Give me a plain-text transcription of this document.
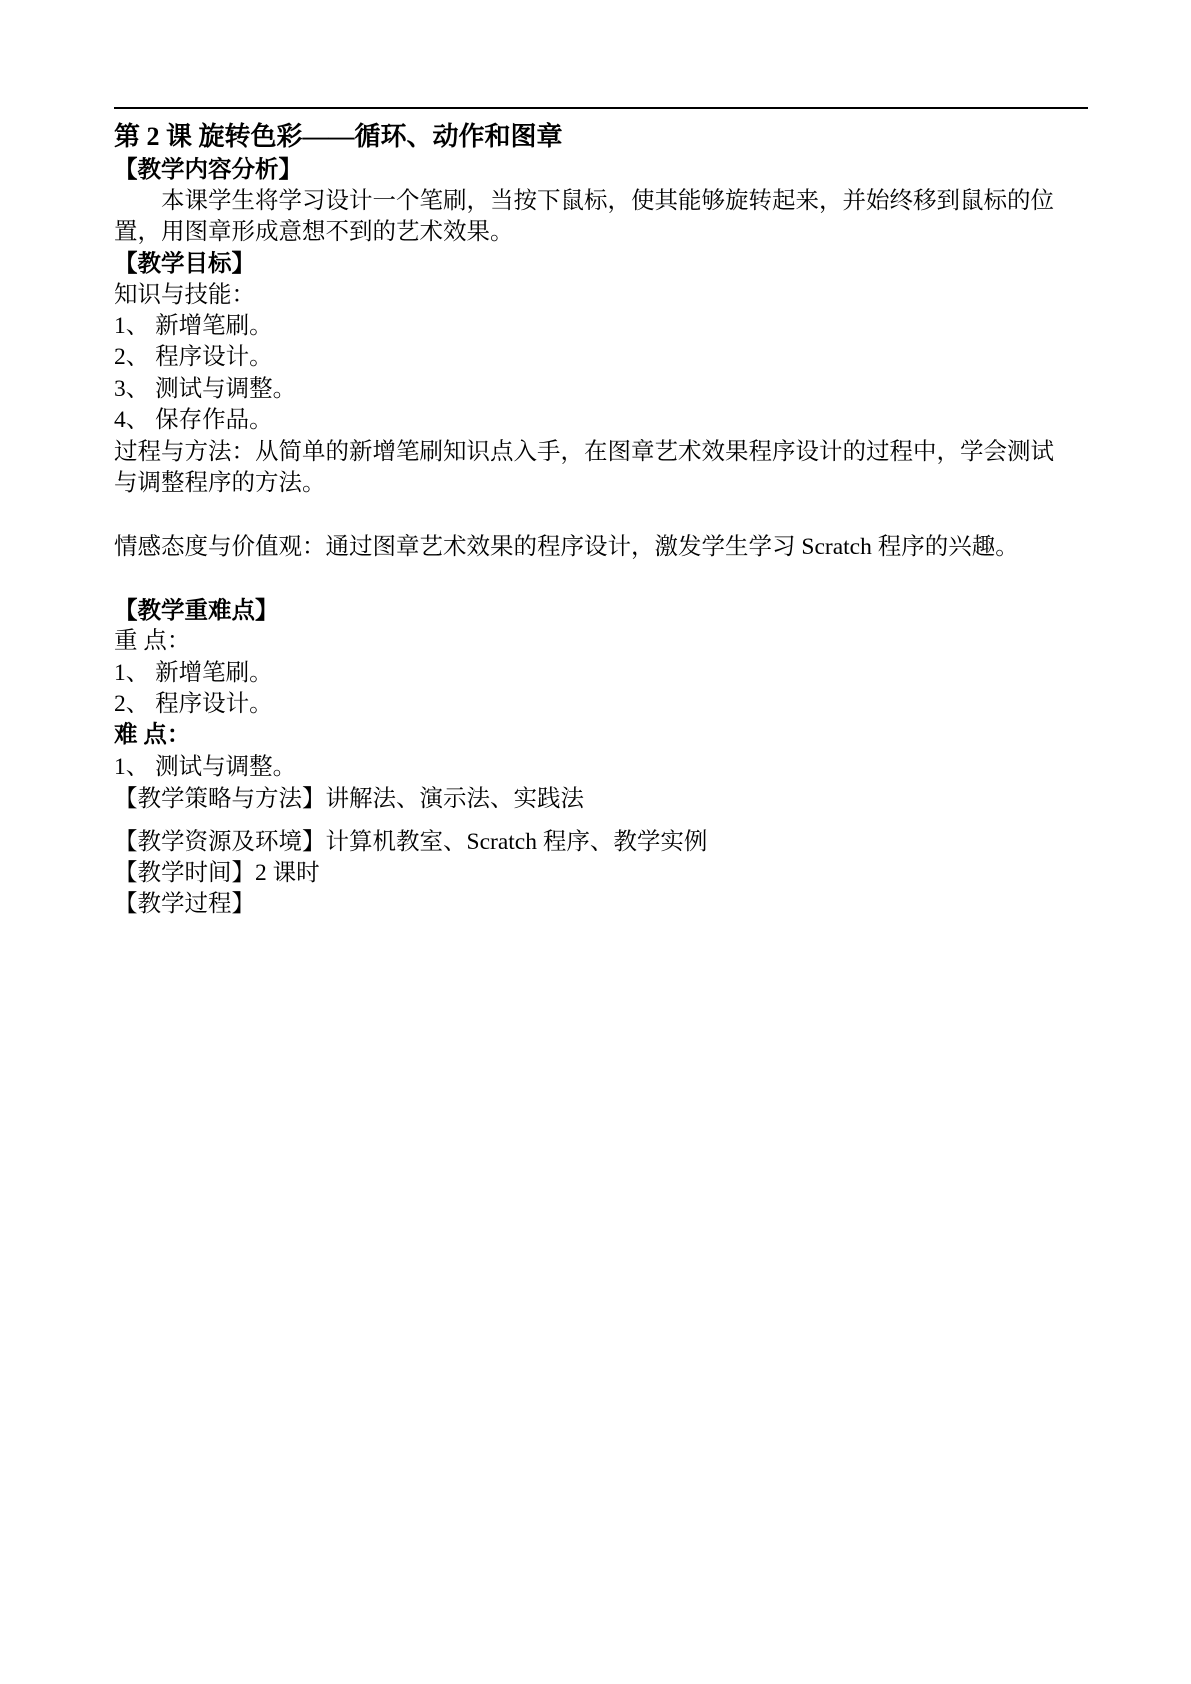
第 2 课 旋转色彩——循环、动作和图章
【教学内容分析】
本课学生将学习设计一个笔刷，当按下鼠标，使其能够旋转起来，并始终移到鼠标的位
置，用图章形成意想不到的艺术效果。
【教学目标】
知识与技能：
1、 新增笔刷。
2、 程序设计。
3、 测试与调整。
4、 保存作品。
过程与方法：从简单的新增笔刷知识点入手，在图章艺术效果程序设计的过程中，学会测试
与调整程序的方法。
情感态度与价值观：通过图章艺术效果的程序设计，激发学生学习 Scratch 程序的兴趣。
【教学重难点】
重 点：
1、 新增笔刷。
2、 程序设计。
难 点：
1、 测试与调整。
【教学策略与方法】讲解法、演示法、实践法
【教学资源及环境】计算机教室、Scratch 程序、教学实例
【教学时间】2 课时
【教学过程】
